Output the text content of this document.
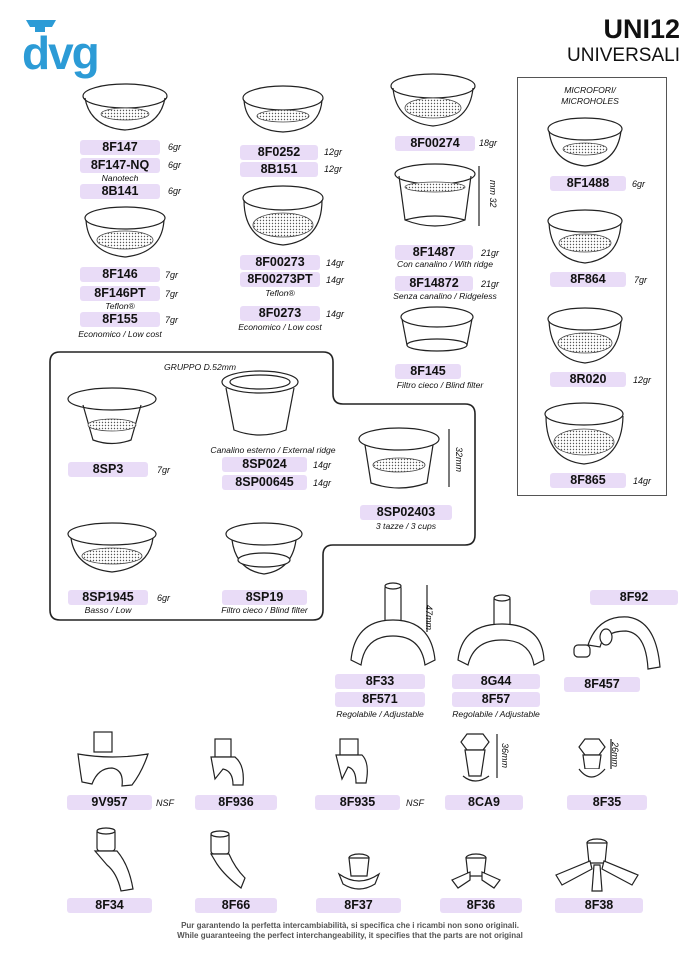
dvg	UNI12
UNIVERSALI
8F147	6gr
8F147-NQ	6gr
Nanotech
8B141	6gr
8F146	7gr
8F146PT	7gr
Teflon®
8F155	7gr
Economico / Low cost
8F0252	12gr
8B151	12gr
8F00273	14gr
8F00273PT	14gr
Teflon®
8F0273	14gr
Economico / Low cost
8F00274	18gr
mm 32
8F1487	21gr
Con canalino / With ridge
8F14872	21gr
Senza canalino / Ridgeless
8F145
Filtro cieco / Blind filter
MICROFORI/
MICROHOLES
8F1488	6gr
8F864	7gr
8R020	12gr
8F865	14gr
GRUPPO D.52mm
8SP3	7gr
Canalino esterno / External ridge
8SP024	14gr
8SP00645	14gr
32mm
8SP02403
3 tazze / 3 cups
8SP1945	6gr
Basso / Low
8SP19
Filtro cieco / Blind filter	47mm
8F33
8F571
Regolabile / Adjustable
8G44
8F57
Regolabile / Adjustable
8F92
8F457
9V957	NSF	8F936	8F935	NSF
36mm
8CA9
26mm
8F35
8F34	8F66	8F37	8F36	8F38
Pur garantendo la perfetta intercambiabilità, si specifica che i ricambi non sono originali.
While guaranteeing the perfect interchangeability, it specifies that the parts are not original
